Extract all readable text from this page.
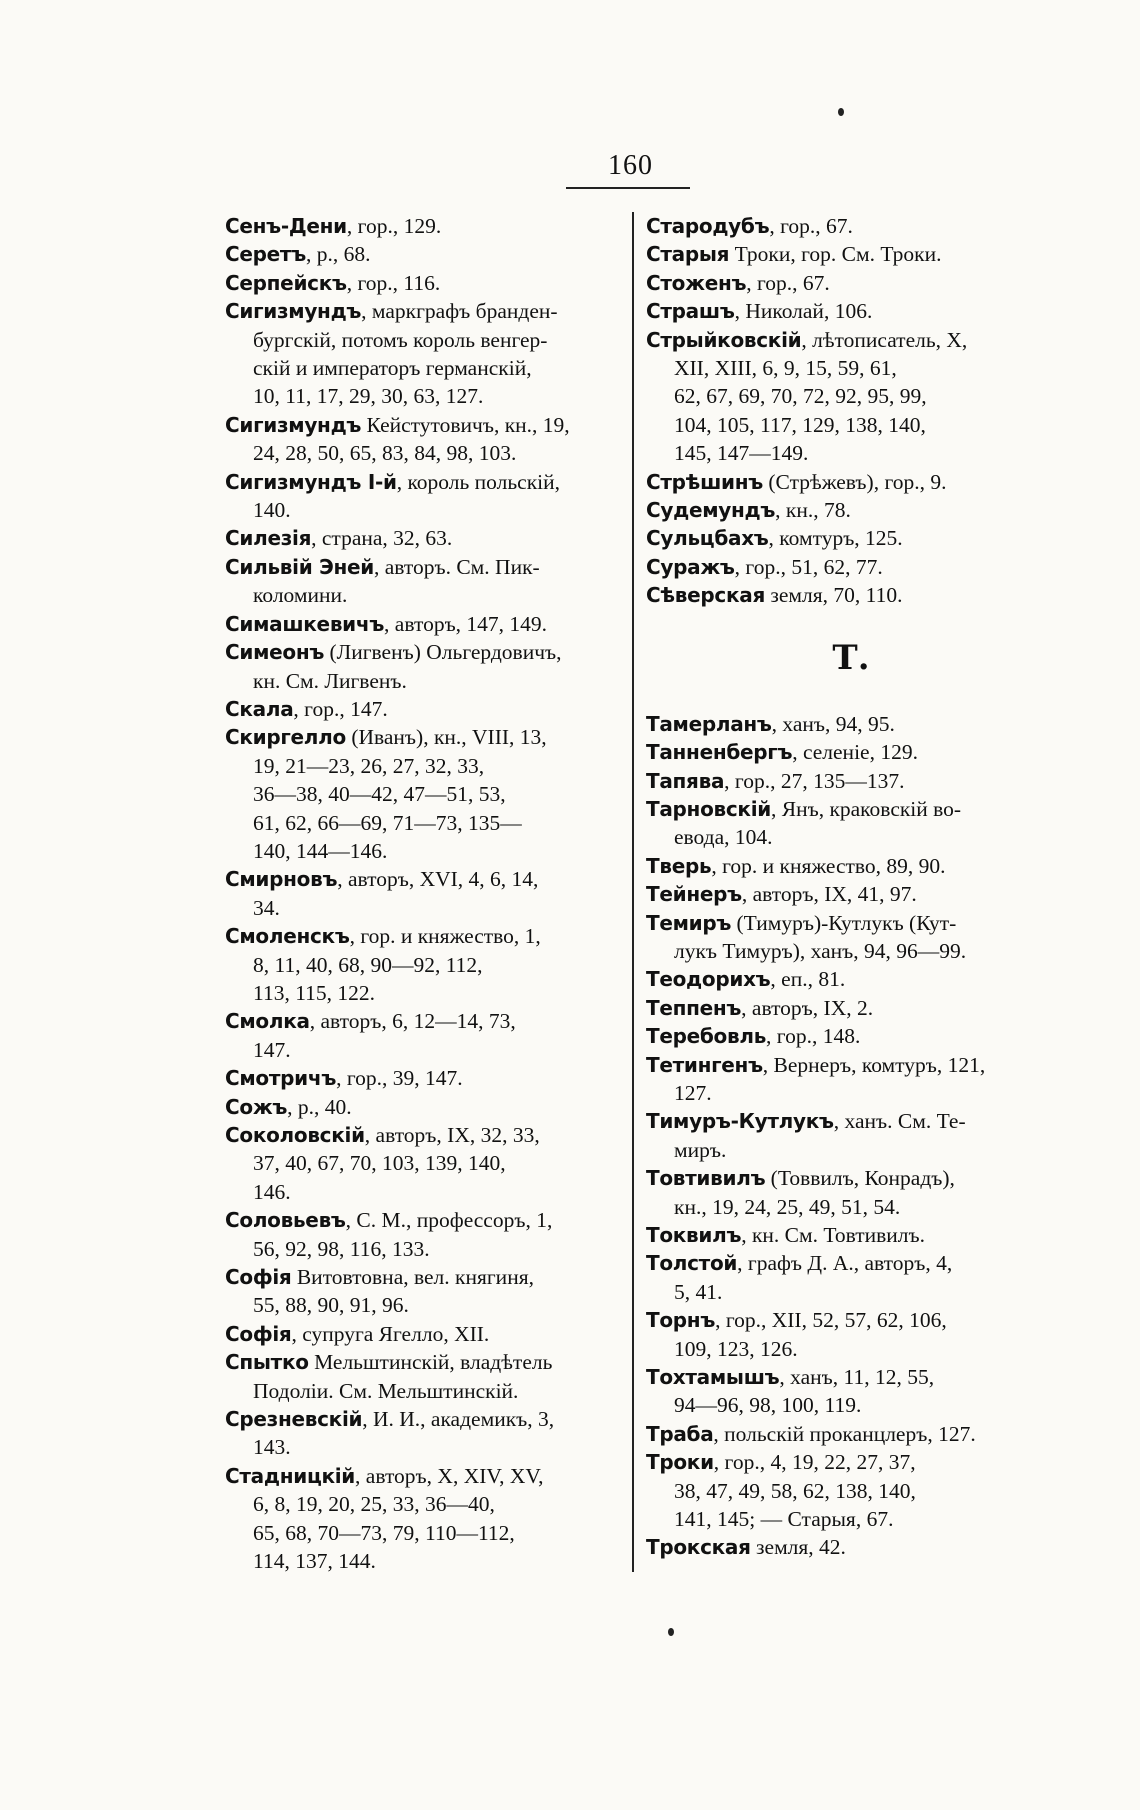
160
Сенъ-Дени, гор., 129.
Серетъ, р., 68.
Серпейскъ, гор., 116.
Сигизмундъ, маркграфъ бранден-
бургскій, потомъ король венгер-
скій и императоръ германскій,
10, 11, 17, 29, 30, 63, 127.
Сигизмундъ Кейстутовичъ, кн., 19,
24, 28, 50, 65, 83, 84, 98, 103.
Сигизмундъ I-й, король польскій,
140.
Силезія, страна, 32, 63.
Сильвій Эней, авторъ. См. Пик-
коломини.
Симашкевичъ, авторъ, 147, 149.
Симеонъ (Лигвенъ) Ольгердовичъ,
кн. См. Лигвенъ.
Скала, гор., 147.
Скиргелло (Иванъ), кн., VIII, 13,
19, 21—23, 26, 27, 32, 33,
36—38, 40—42, 47—51, 53,
61, 62, 66—69, 71—73, 135—
140, 144—146.
Смирновъ, авторъ, XVI, 4, 6, 14,
34.
Смоленскъ, гор. и княжество, 1,
8, 11, 40, 68, 90—92, 112,
113, 115, 122.
Смолка, авторъ, 6, 12—14, 73,
147.
Смотричъ, гор., 39, 147.
Сожъ, р., 40.
Соколовскій, авторъ, IX, 32, 33,
37, 40, 67, 70, 103, 139, 140,
146.
Соловьевъ, С. М., профессоръ, 1,
56, 92, 98, 116, 133.
Софія Витовтовна, вел. княгиня,
55, 88, 90, 91, 96.
Софія, супруга Ягелло, XII.
Спытко Мельштинскій, владѣтель
Подоліи. См. Мельштинскій.
Срезневскій, И. И., академикъ, 3,
143.
Стадницкій, авторъ, X, XIV, XV,
6, 8, 19, 20, 25, 33, 36—40,
65, 68, 70—73, 79, 110—112,
114, 137, 144.
Стародубъ, гор., 67.
Старыя Троки, гор. См. Троки.
Стоженъ, гор., 67.
Страшъ, Николай, 106.
Стрыйковскій, лѣтописатель, X,
XII, XIII, 6, 9, 15, 59, 61,
62, 67, 69, 70, 72, 92, 95, 99,
104, 105, 117, 129, 138, 140,
145, 147—149.
Стрѣшинъ (Стрѣжевъ), гор., 9.
Судемундъ, кн., 78.
Сульцбахъ, комтуръ, 125.
Суражъ, гор., 51, 62, 77.
Сѣверская земля, 70, 110.
Т.
Тамерланъ, ханъ, 94, 95.
Танненбергъ, селеніе, 129.
Тапява, гор., 27, 135—137.
Тарновскій, Янъ, краковскій во-
евода, 104.
Тверь, гор. и княжество, 89, 90.
Тейнеръ, авторъ, IX, 41, 97.
Темиръ (Тимуръ)-Кутлукъ (Кут-
лукъ Тимуръ), ханъ, 94, 96—99.
Теодорихъ, еп., 81.
Теппенъ, авторъ, IX, 2.
Теребовль, гор., 148.
Тетингенъ, Вернеръ, комтуръ, 121,
127.
Тимуръ-Кутлукъ, ханъ. См. Те-
миръ.
Товтивилъ (Товвилъ, Конрадъ),
кн., 19, 24, 25, 49, 51, 54.
Токвилъ, кн. См. Товтивилъ.
Толстой, графъ Д. А., авторъ, 4,
5, 41.
Торнъ, гор., XII, 52, 57, 62, 106,
109, 123, 126.
Тохтамышъ, ханъ, 11, 12, 55,
94—96, 98, 100, 119.
Траба, польскій проканцлеръ, 127.
Троки, гор., 4, 19, 22, 27, 37,
38, 47, 49, 58, 62, 138, 140,
141, 145; — Старыя, 67.
Трокская земля, 42.
